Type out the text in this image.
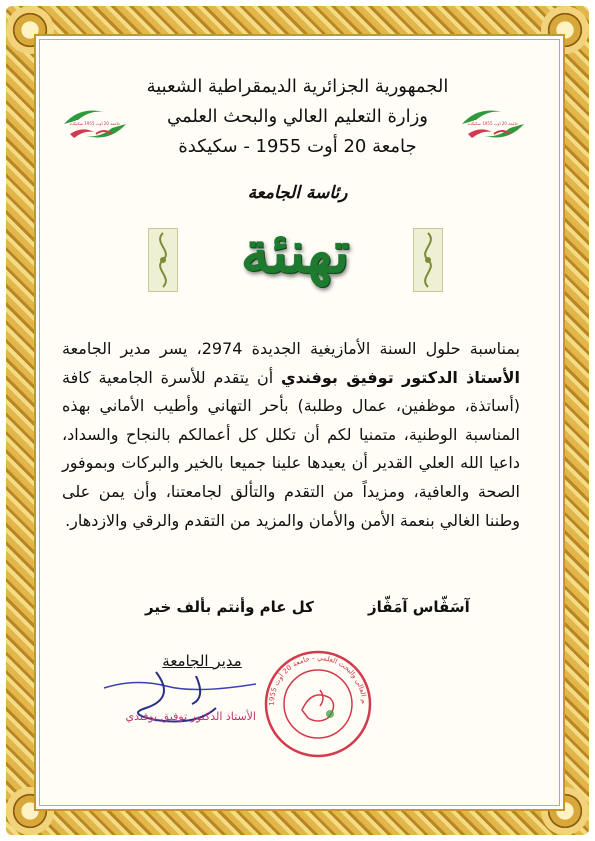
الجمهورية الجزائرية الديمقراطية الشعبية
وزارة التعليم العالي والبحث العلمي
جامعة 20 أوت 1955 - سكيكدة
جامعة 20 أوت 1955 سكيكدة	جامعة 20 أوت 1955 سكيكدة
رئاسة الجامعة
تهنئة
بمناسبة حلول السنة الأمازيغية الجديدة 2974، يسر مدير الجامعة الأستاذ الدكتور توفيق بوفندي أن يتقدم للأسرة الجامعية كافة (أساتذة، موظفين، عمال وطلبة) بأحر التهاني وأطيب الأماني بهذه المناسبة الوطنية، متمنيا لكم أن تكلل كل أعمالكم بالنجاح والسداد، داعيا الله العلي القدير أن يعيدها علينا جميعا بالخير والبركات وبموفور الصحة والعافية، ومزيداً من التقدم والتألق لجامعتنا، وأن يمن على وطننا الغالي بنعمة الأمن والأمان والمزيد من التقدم والرقي والازدهار.
آسَڨّاس آمَڨّاز
كل عام وأنتم بألف خير
مدير الجامعة
الأستاذ الدكتور توفيق بوفندي
م العالي والبحث العلمي - جامعة 20 أوت 1955
